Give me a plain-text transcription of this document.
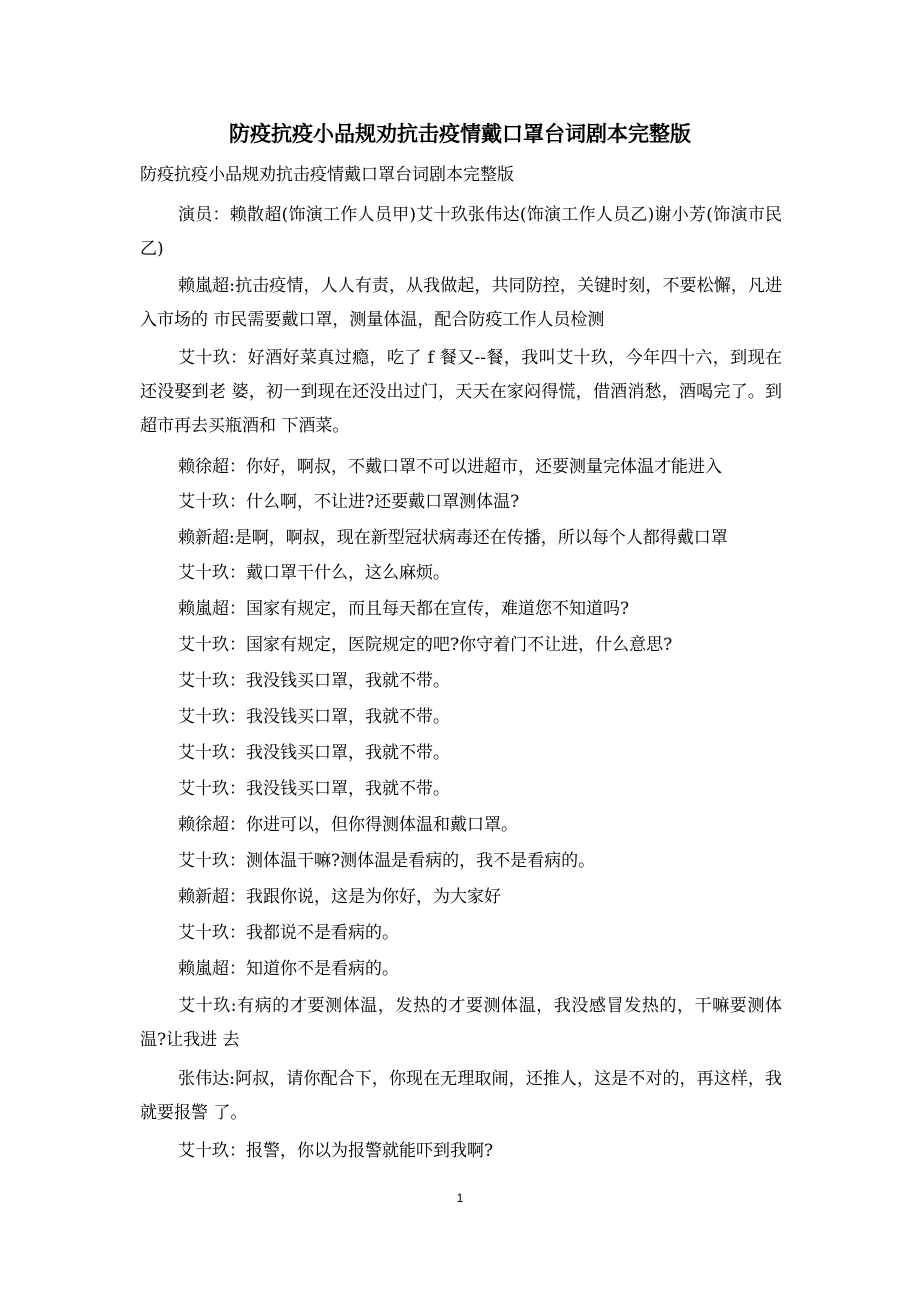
防疫抗疫小品规劝抗击疫情戴口罩台词剧本完整版

防疫抗疫小品规劝抗击疫情戴口罩台词剧本完整版

演员：赖散超(饰演工作人员甲)艾十玖张伟达(饰演工作人员乙)谢小芳(饰演市民乙)

赖嵐超:抗击疫情，人人有责，从我做起，共同防控，关键时刻，不要松懈，凡进入市场的 市民需要戴口罩，测量体温，配合防疫工作人员检测

艾十玖：好酒好菜真过瘾，吃了 f 餐又--餐，我叫艾十玖，今年四十六，到现在还没娶到老 婆，初一到现在还没出过门，天天在家闷得慌，借酒消愁，酒喝完了。到超市再去买瓶酒和 下酒菜。

赖徐超：你好，啊叔，不戴口罩不可以进超市，还要测量完体温才能进入

艾十玖：什么啊，不让进?还要戴口罩测体温?

赖新超:是啊，啊叔，现在新型冠状病毒还在传播，所以每个人都得戴口罩

艾十玖：戴口罩干什么，这么麻烦。

赖嵐超：国家有规定，而且每天都在宣传，难道您不知道吗?

艾十玖：国家有规定，医院规定的吧?你守着门不让进，什么意思?

艾十玖：我没钱买口罩，我就不带。

艾十玖：我没钱买口罩，我就不带。

艾十玖：我没钱买口罩，我就不带。

艾十玖：我没钱买口罩，我就不带。

赖徐超：你进可以，但你得测体温和戴口罩。

艾十玖：测体温干嘛?测体温是看病的，我不是看病的。

赖新超：我跟你说，这是为你好，为大家好

艾十玖：我都说不是看病的。

赖嵐超：知道你不是看病的。

艾十玖:有病的才要测体温，发热的才要测体温，我没感冒发热的，干嘛要测体温?让我进 去

张伟达:阿叔，请你配合下，你现在无理取闹，还推人，这是不对的，再这样，我就要报警 了。

艾十玖：报警，你以为报警就能吓到我啊?

1
